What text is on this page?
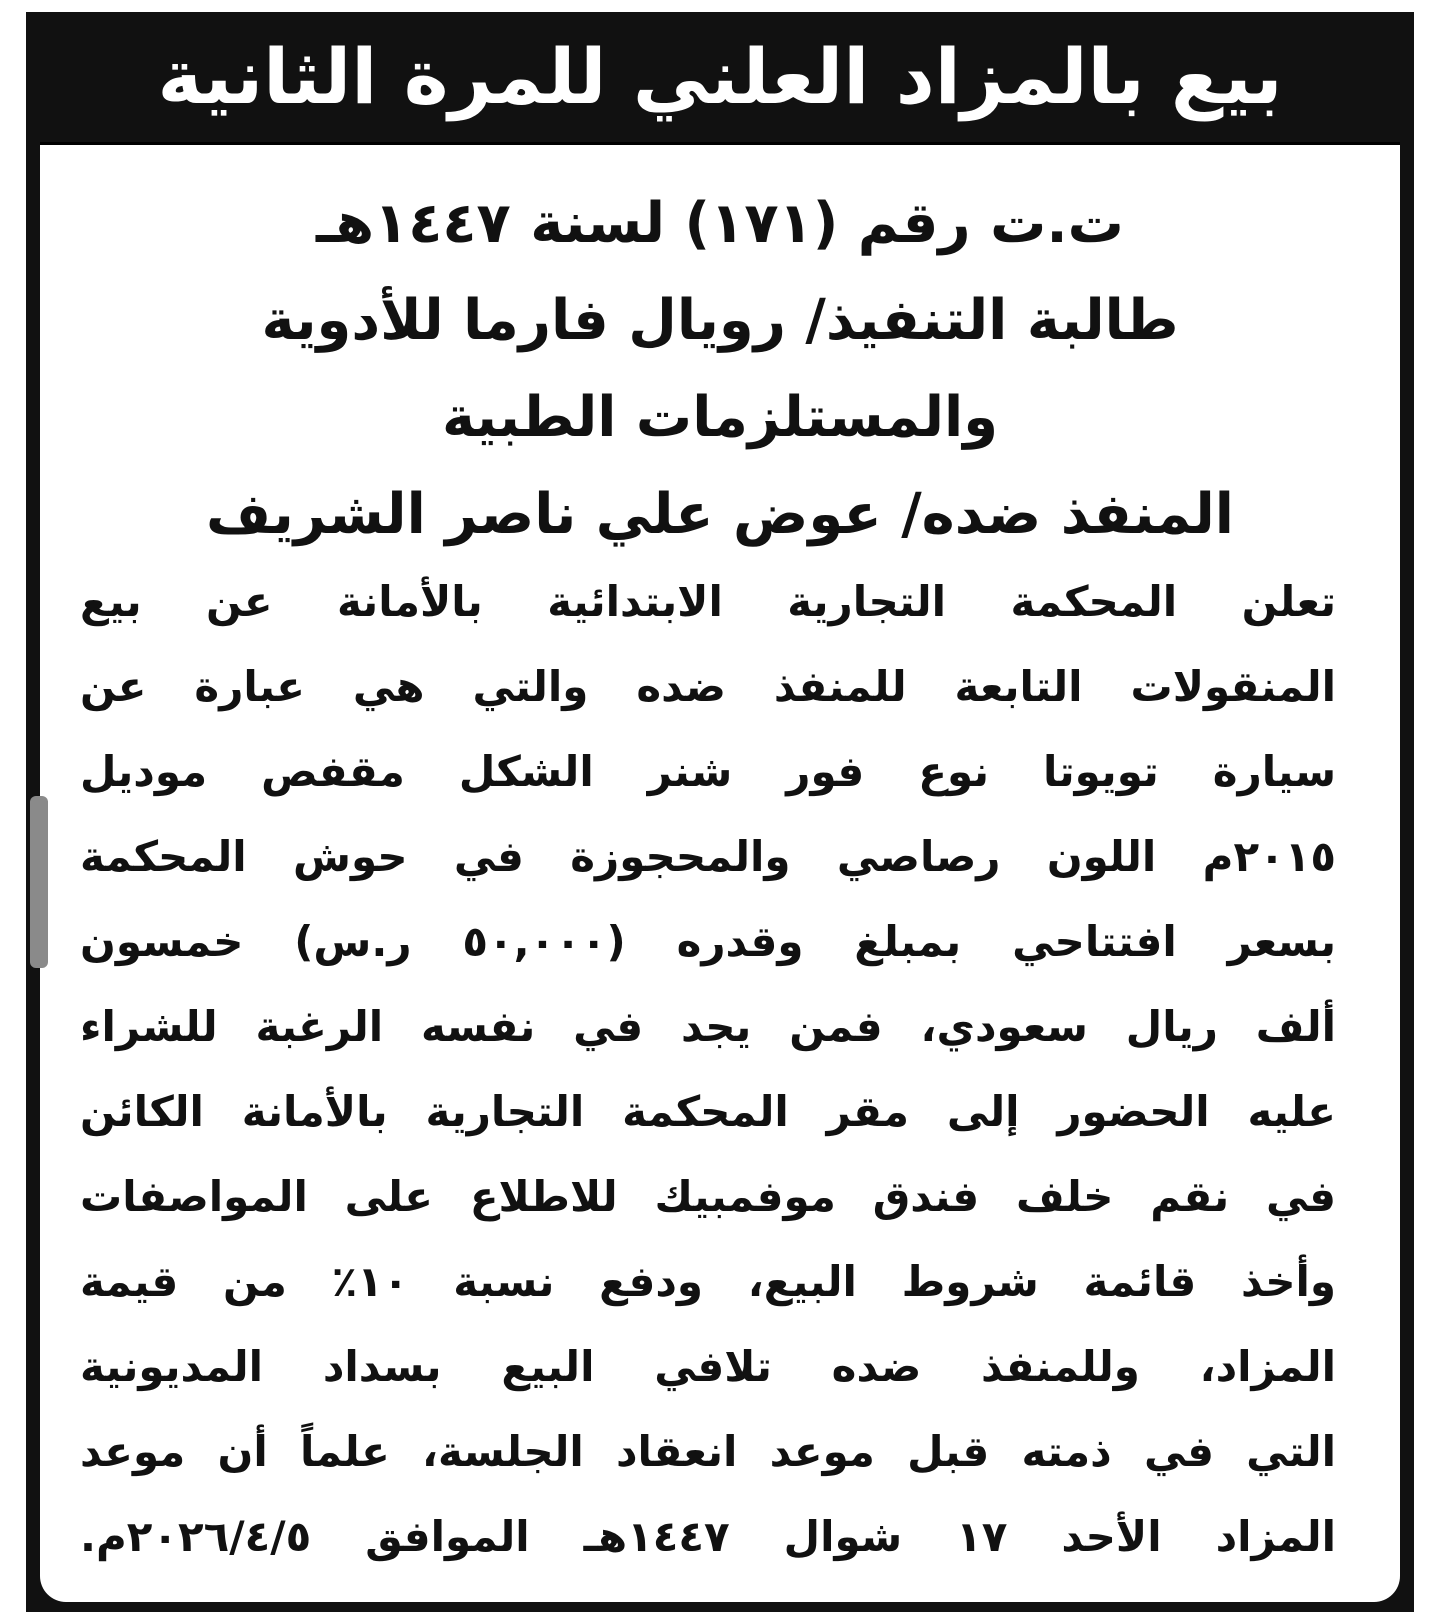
بيع بالمزاد العلني للمرة الثانية
ت.ت رقم (١٧١) لسنة ١٤٤٧هـ
طالبة التنفيذ/ رويال فارما للأدوية
والمستلزمات الطبية
المنفذ ضده/ عوض علي ناصر الشريف
تعلن المحكمة التجارية الابتدائية بالأمانة عن بيع
المنقولات التابعة للمنفذ ضده والتي هي عبارة عن
سيارة تويوتا نوع فور شنر الشكل مقفص موديل
٢٠١٥م اللون رصاصي والمحجوزة في حوش المحكمة
بسعر افتتاحي بمبلغ وقدره (٥٠,٠٠٠ ر.س) خمسون
ألف ريال سعودي، فمن يجد في نفسه الرغبة للشراء
عليه الحضور إلى مقر المحكمة التجارية بالأمانة الكائن
في نقم خلف فندق موفمبيك للاطلاع على المواصفات
وأخذ قائمة شروط البيع، ودفع نسبة ١٠٪ من قيمة
المزاد، وللمنفذ ضده تلافي البيع بسداد المديونية
التي في ذمته قبل موعد انعقاد الجلسة، علماً أن موعد
المزاد الأحد ١٧ شوال ١٤٤٧هـ الموافق ٢٠٢٦/٤/٥م.
